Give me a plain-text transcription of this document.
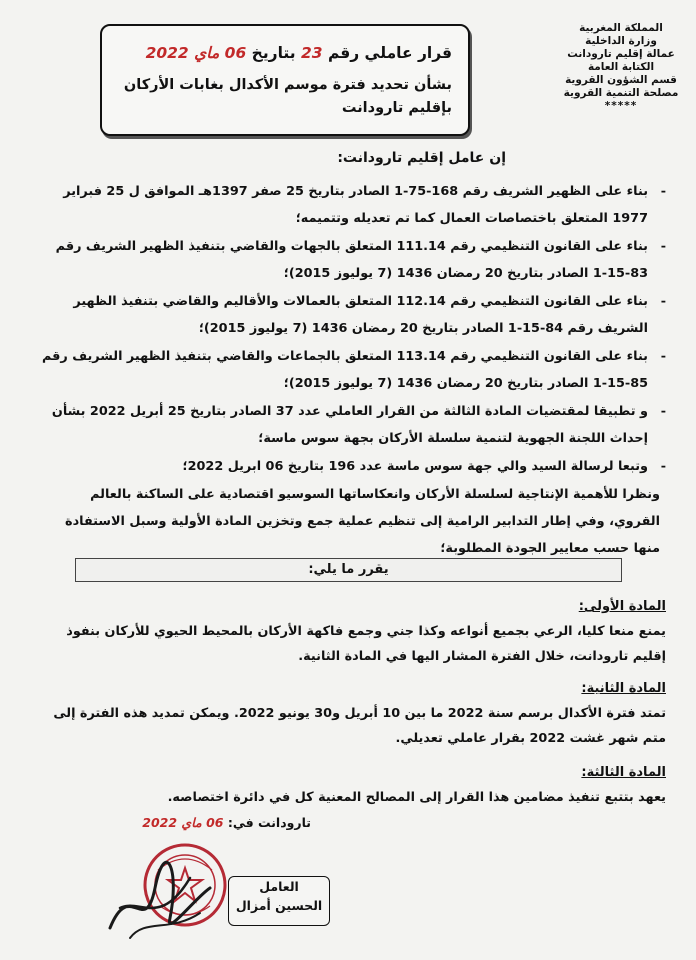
المملكة المغربية
وزارة الداخلية
عمالة إقليم تارودانت
الكتابة العامة
قسم الشؤون القروية
مصلحة التنمية القروية
*****
قرار عاملي رقم 23 بتاريخ 06 ماي 2022
بشأن تحديد فترة موسم الأكدال بغابات الأركان بإقليم تارودانت
إن عامل إقليم تارودانت:
-
بناء على الظهير الشريف رقم 168-75-1 الصادر بتاريخ 25 صفر 1397هـ الموافق ل 25 فبراير 1977 المتعلق باختصاصات العمال كما تم تعديله وتتميمه؛
-
بناء على القانون التنظيمي رقم 111.14 المتعلق بالجهات والقاضي بتنفيذ الظهير الشريف رقم 83-15-1 الصادر بتاريخ 20 رمضان 1436 (7 يوليوز 2015)؛
-
بناء على القانون التنظيمي رقم 112.14 المتعلق بالعمالات والأقاليم والقاضي بتنفيذ الظهير الشريف رقم 84-15-1 الصادر بتاريخ 20 رمضان 1436 (7 يوليوز 2015)؛
-
بناء على القانون التنظيمي رقم 113.14 المتعلق بالجماعات والقاضي بتنفيذ الظهير الشريف رقم 85-15-1 الصادر بتاريخ 20 رمضان 1436 (7 يوليوز 2015)؛
-
و تطبيقا لمقتضيات المادة الثالثة من القرار العاملي عدد 37 الصادر بتاريخ 25 أبريل 2022 بشأن إحداث اللجنة الجهوية لتنمية سلسلة الأركان بجهة سوس ماسة؛
-
وتبعا لرسالة السيد والي جهة سوس ماسة عدد 196 بتاريخ 06 ابريل 2022؛
ونظرا للأهمية الإنتاجية لسلسلة الأركان وانعكاساتها السوسيو اقتصادية على الساكنة بالعالم القروي، وفي إطار التدابير الرامية إلى تنظيم عملية جمع وتخزين المادة الأولية وسبل الاستفادة منها حسب معايير الجودة المطلوبة؛
يقرر ما يلي:
المادة الأولى:
يمنع منعا كليا، الرعي بجميع أنواعه وكذا جني وجمع فاكهة الأركان بالمحيط الحيوي للأركان بنفوذ إقليم تارودانت، خلال الفترة المشار اليها في المادة الثانية.
المادة الثانية:
تمتد فترة الأكدال برسم سنة 2022 ما بين 10 أبريل و30 يونيو 2022. ويمكن تمديد هذه الفترة إلى متم شهر غشت 2022 بقرار عاملي تعديلي.
المادة الثالثة:
يعهد بتتبع تنفيذ مضامين هذا القرار إلى المصالح المعنية كل في دائرة اختصاصه.
تارودانت في: 06 ماي 2022
العامل
الحسين أمزال
